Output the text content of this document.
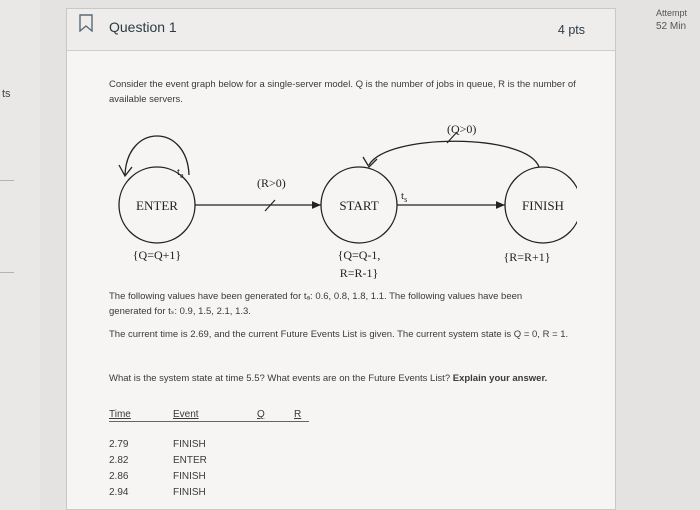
ts
Attempt
52 Min
Question 1	4 pts
Consider the event graph below for a single-server model. Q is the number of jobs in queue, R is the number of available servers.
$t_a$
ENTER
(R>0)
START
$t_s$	FINISH
(Q>0)
{Q=Q+1}	{Q=Q-1,
R=R-1}
{R=R+1}
The following values have been generated for tₐ: 0.6, 0.8, 1.8, 1.1. The following values have been
generated for tₛ: 0.9, 1.5, 2.1, 1.3.
The current time is 2.69, and the current Future Events List is given. The current system state is Q = 0, R = 1.
What is the system state at time 5.5? What events are on the Future Events List? Explain your answer.
Time	Event	Q	R
2.79	FINISH
2.82	ENTER
2.86	FINISH
2.94	FINISH
